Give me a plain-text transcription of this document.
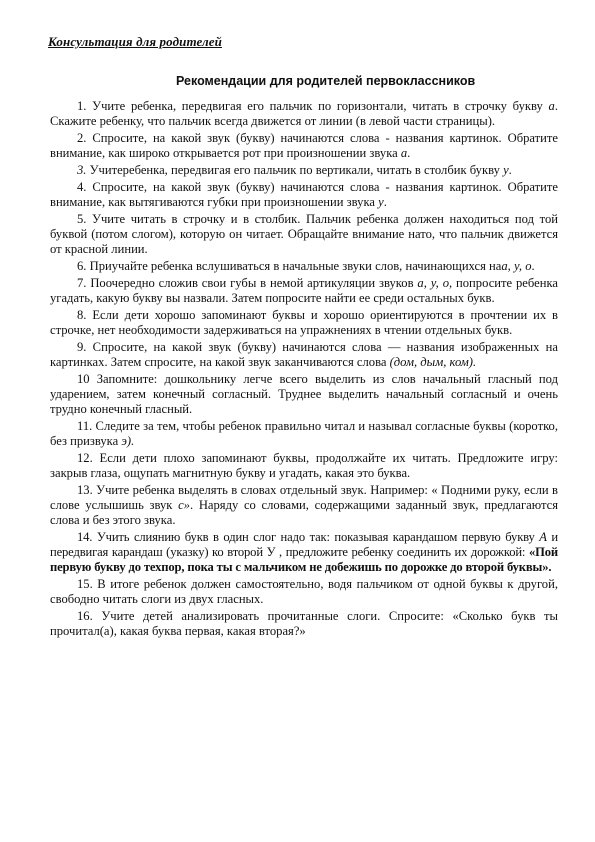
Консультация для родителей
Рекомендации для родителей первоклассников

1. Учите ребенка, передвигая его пальчик по горизонтали, читать в строчку букву а. Скажите ребенку, что пальчик всегда движется от линии (в левой части страницы).

2. Спросите, на какой звук (букву) начинаются слова - названия картинок. Обратите внимание, как широко открывается рот при произношении звука а.

3. Учитеребенка, передвигая его пальчик по вертикали, читать в столбик букву у.

4. Спросите, на какой звук (букву) начинаются слова - названия картинок. Обратите внимание, как вытягиваются губки при произношении звука у.

5. Учите читать в строчку и в столбик. Пальчик ребенка должен находиться под той буквой (потом слогом), которую он читает. Обращайте внимание нато, что пальчик движется от красной линии.

6. Приучайте ребенка вслушиваться в начальные звуки слов, начинающихся наа, у, о.

7. Поочередно сложив свои губы в немой артикуляции звуков а, у, о, попросите ребенка угадать, какую букву вы назвали. Затем попросите найти ее среди остальных букв.

8. Если дети хорошо запоминают буквы и хорошо ориентируются в прочтении их в строчке, нет необходимости задерживаться на упражнениях в чтении отдельных букв.

9. Спросите, на какой звук (букву) начинаются слова — названия изображенных на картинках. Затем спросите, на какой звук заканчиваются слова (дом, дым, ком).

10 Запомните: дошкольнику легче всего выделить из слов начальный гласный под ударением, затем конечный согласный. Труднее выделить начальный согласный и очень трудно конечный гласный.

11. Следите за тем, чтобы ребенок правильно читал и называл согласные буквы (коротко, без призвука э).

12. Если дети плохо запоминают буквы, продолжайте их читать. Предложите игру: закрыв глаза, ощупать магнитную букву и угадать, какая это буква.

13. Учите ребенка выделять в словах отдельный звук. Например: « Подними руку, если в слове услышишь звук с». Наряду со словами, содержащими заданный звук, предлагаются слова и без этого звука.

14. Учить слиянию букв в один слог надо так: показывая карандашом первую букву А и передвигая карандаш (указку) ко второй У , предложите ребенку соединить их дорожкой: «Пой первую букву до техпор, пока ты с мальчиком не добежишь по дорожке до второй буквы».

15. В итоге ребенок должен самостоятельно, водя пальчиком от одной буквы к другой, свободно читать слоги из двух гласных.

16. Учите детей анализировать прочитанные слоги. Спросите: «Сколько букв ты прочитал(а), какая буква первая, какая вторая?»
